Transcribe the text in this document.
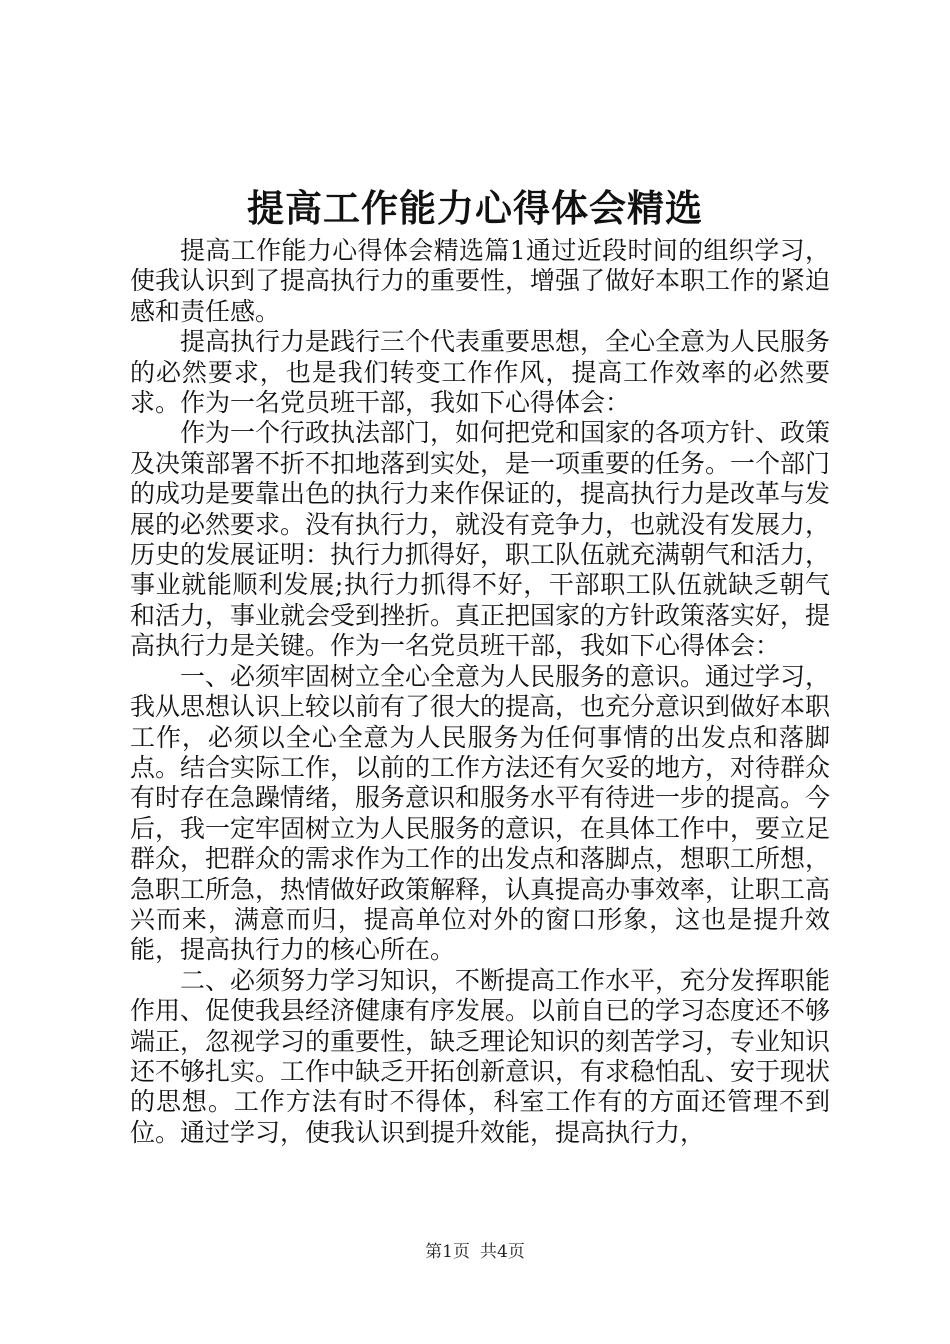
提高工作能力心得体会精选

提高工作能力心得体会精选篇1通过近段时间的组织学习，使我认识到了提高执行力的重要性，增强了做好本职工作的紧迫感和责任感。

提高执行力是践行三个代表重要思想，全心全意为人民服务的必然要求，也是我们转变工作作风，提高工作效率的必然要求。作为一名党员班干部，我如下心得体会：

作为一个行政执法部门，如何把党和国家的各项方针、政策及决策部署不折不扣地落到实处，是一项重要的任务。一个部门的成功是要靠出色的执行力来作保证的，提高执行力是改革与发展的必然要求。没有执行力，就没有竞争力，也就没有发展力，历史的发展证明：执行力抓得好，职工队伍就充满朝气和活力，事业就能顺利发展;执行力抓得不好，干部职工队伍就缺乏朝气和活力，事业就会受到挫折。真正把国家的方针政策落实好，提高执行力是关键。作为一名党员班干部，我如下心得体会：

一、必须牢固树立全心全意为人民服务的意识。通过学习，我从思想认识上较以前有了很大的提高，也充分意识到做好本职工作，必须以全心全意为人民服务为任何事情的出发点和落脚点。结合实际工作，以前的工作方法还有欠妥的地方，对待群众有时存在急躁情绪，服务意识和服务水平有待进一步的提高。今后，我一定牢固树立为人民服务的意识，在具体工作中，要立足群众，把群众的需求作为工作的出发点和落脚点，想职工所想，急职工所急，热情做好政策解释，认真提高办事效率，让职工高兴而来，满意而归，提高单位对外的窗口形象，这也是提升效能，提高执行力的核心所在。

二、必须努力学习知识，不断提高工作水平，充分发挥职能作用、促使我县经济健康有序发展。以前自已的学习态度还不够端正，忽视学习的重要性，缺乏理论知识的刻苦学习，专业知识还不够扎实。工作中缺乏开拓创新意识，有求稳怕乱、安于现状的思想。工作方法有时不得体，科室工作有的方面还管理不到位。通过学习，使我认识到提升效能，提高执行力，

第1页 共4页
